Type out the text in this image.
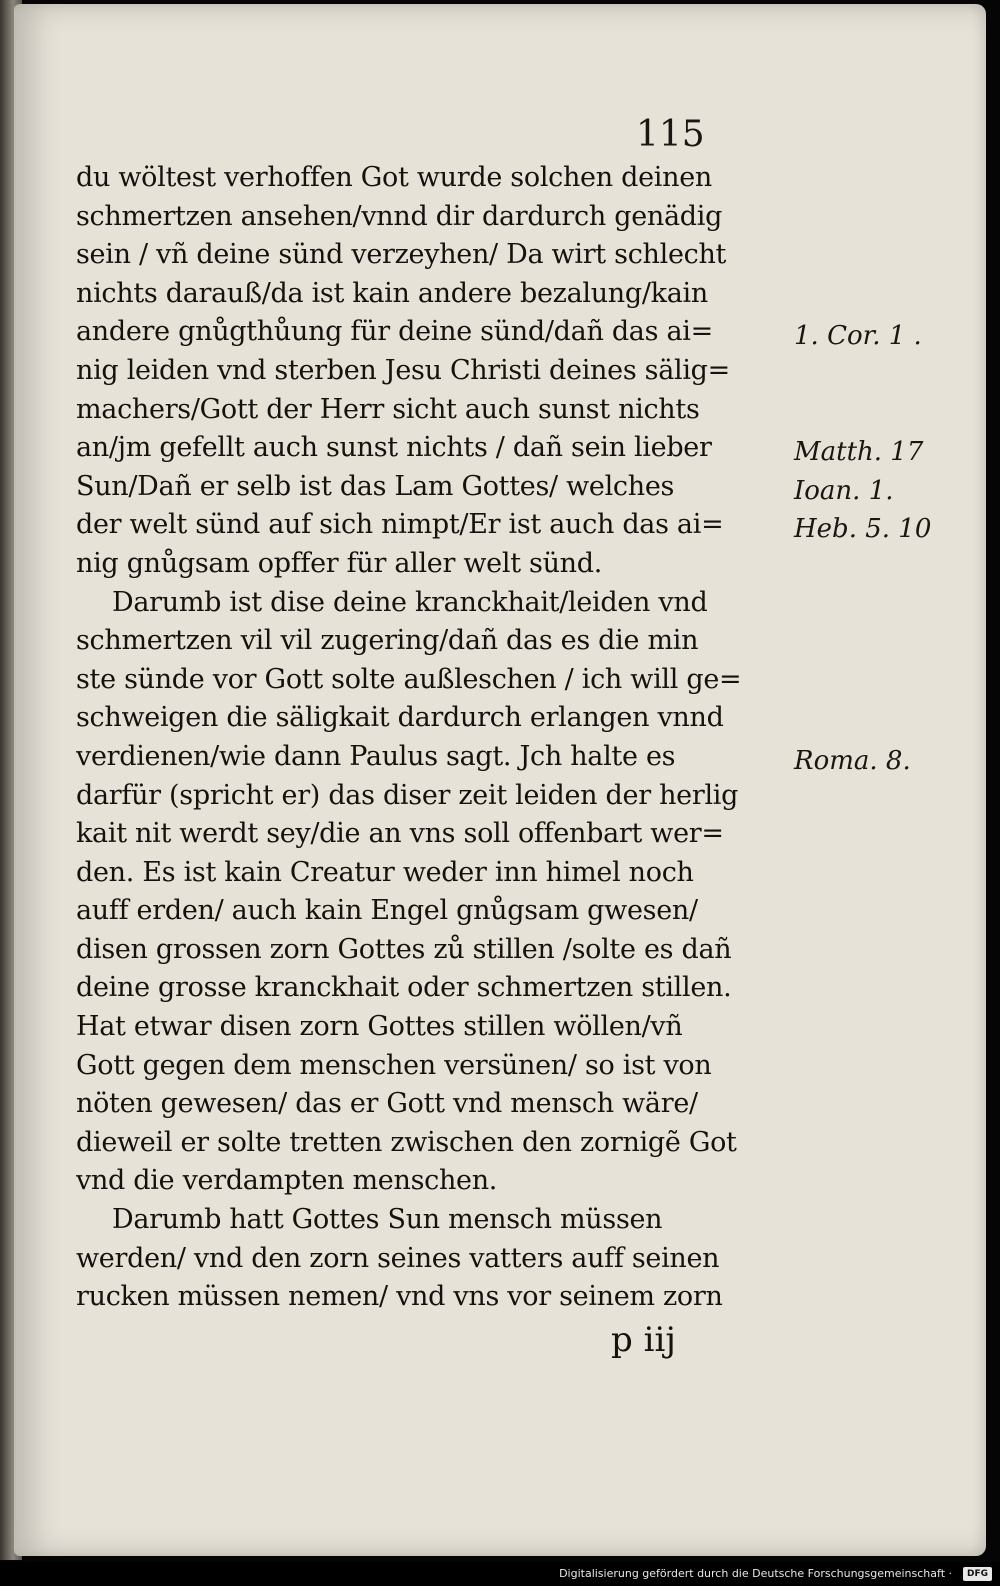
115
du wöltest verhoffen Got wurde solchen deinen
schmertzen ansehen/vnnd dir dardurch genädig
sein / vñ deine sünd verzeyhen/ Da wirt schlecht
nichts darauß/da ist kain andere bezalung/kain
andere gnůgthůung für deine sünd/dañ das ai=
nig leiden vnd sterben Jesu Christi deines sälig=
machers/Gott der Herr sicht auch sunst nichts
an/jm gefellt auch sunst nichts / dañ sein lieber
Sun/Dañ er selb ist das Lam Gottes/ welches
der welt sünd auf sich nimpt/Er ist auch das ai=
nig gnůgsam opffer für aller welt sünd.
Darumb ist dise deine kranckhait/leiden vnd
schmertzen vil vil zugering/dañ das es die min
ste sünde vor Gott solte außleschen / ich will ge=
schweigen die säligkait dardurch erlangen vnnd
verdienen/wie dann Paulus sagt. Jch halte es
darfür (spricht er) das diser zeit leiden der herlig
kait nit werdt sey/die an vns soll offenbart wer=
den. Es ist kain Creatur weder inn himel noch
auff erden/ auch kain Engel gnůgsam gwesen/
disen grossen zorn Gottes zů stillen /solte es dañ
deine grosse kranckhait oder schmertzen stillen.
Hat etwar disen zorn Gottes stillen wöllen/vñ
Gott gegen dem menschen versünen/ so ist von
nöten gewesen/ das er Gott vnd mensch wäre/
dieweil er solte tretten zwischen den zornigẽ Got
vnd die verdampten menschen.
Darumb hatt Gottes Sun mensch müssen
werden/ vnd den zorn seines vatters auff seinen
rucken müssen nemen/ vnd vns vor seinem zorn
1. Cor. 1 .
Matth. 17
Ioan. 1.
Heb. 5. 10
Roma. 8.
p iij
Digitalisierung gefördert durch die Deutsche Forschungsgemeinschaft ·	DFG
